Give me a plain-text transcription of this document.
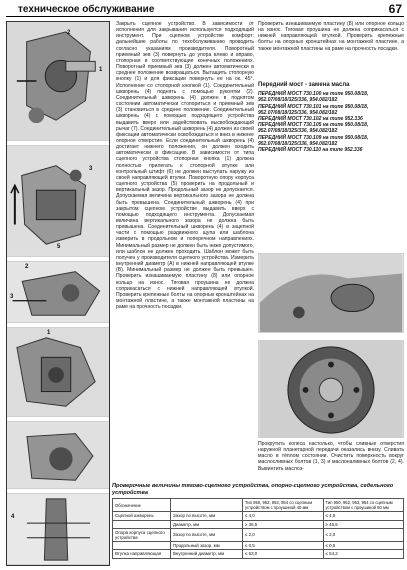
техническое обслуживание	67
2
1
3
5
2
3
1
4
Закрыть сцепное устройство. В зависимости от исполнения для закрывания используется подходящий инструмент. При сцепном устройстве комфорт: дальнейшие работы по техобслуживанию проводить согласно указаниям производителя. Поворотный приемный зев (3) повернуть до упора влево и вправо, стопорная и соответствующие конечных положениях. Поворотный приемный зев (3) должен автоматически в среднее положение возвращаться. Вытащить стопорную кнопку (1) и для фиксации повернуть ее на ок. 45°. Исполнение со стопорной кнопкой (1). Соединительный шкворень (4) поднять с помощью рукоятки (2). Соединительный шкворень (4) должен в поднятом состоянии автоматически стопориться и приемный зев (3) становиться в среднее положение. Соединительный шкворень (4) с помощью подходящего устройства выдавить вверх или задействовать высвобождающий рычаг (7). Соединительный шкворень (4) должен из своей фиксации автоматически освобождаться и вниз в нижнее опорное отверстие. Если соединительный шкворень (4) достигает нижнего положения, он должен входить автоматически в фиксацию. В зависимости от типа сцепного устройства стопорная кнопка (1) должна полностью прилегать к стопорной втулке или контрольный штифт (6) не должен выступать наружу из своей направляющей втулки. Поворотную опору корпуса сцепного устройства (5) проверить на продольный и вертикальный зазор. Продольный зазор не допускается. Допускаемая величина вертикального зазора не должна быть превышена. Соединительный шкворень (4) при закрытом сцепном устройстве выдавить вверх с помощью подходящего инструмента. Допускаемая величина вертикального зазора не должна быть превышена. Соединительный шкворень (4) в зацепной части с помощью раздвижного щупа или шаблона измерить в продольном и поперечном направлениях. Минимальный размер не должен быть ниже допустимого, или шаблон не должен проходить. Шаблон может быть получен у производителя сцепного устройства. Измерить внутренний диаметр (А) в нижней направляющей втулке (В). Минимальный размер не должен быть превышен. Проверить изнашиваемую пластину (8) или опорное кольцо на износ. Тяговая проушина не должна соприкасаться с нижней направляющей втулкой. Проверить крепежные болты на опорных кронштейнах на монтажной пластине, а также монтажной пластины на раме на прочность посадки.

Проверить изнашиваемую пластину (8) или опорное кольцо на износ. Тяговая проушина не должна соприкасаться с нижней направляющей втулкой. Проверить крепежные болты на опорных кронштейнах на монтажной пластине, а также монтажной пластины на раме на прочность посадки.

Передний мост - замена масла
ПЕРЕДНИЙ МОСТ 730.100 на типе 950.08/18, 952.07/08/18/325/336, 954.082/182
ПЕРЕДНИЙ МОСТ 730.101 на типе 950.08/18, 952.07/08/18/325/336, 954.082/182
ПЕРЕДНИЙ МОСТ 730.102 на типе 952.336
ПЕРЕДНИЙ МОСТ 730.105 на типе 950.08/18, 952.07/08/18/325/336, 954.082/182
ПЕРЕДНИЙ МОСТ 730.109 на типе 950.08/18, 952.07/08/18/325/336, 954.082/182
ПЕРЕДНИЙ МОСТ 730.110 на типе 952.336
Прокрутить колеса настолько, чтобы сливные отверстия наружной планетарной передачи оказались внизу. Сливать масло в тёплом состоянии. Очистить поверхность вокруг маслосливных болтов (1, 3) и маслоналивных болтов (2, 4). Вывинтить маслоз-
Проверочные величины тягово-сцепного устройства, опорно-сцепного устройства, седельного устройства
Обозначение		Тип 950, 952, 953, 954 со сцепным устройством с проушиной 40 мм	Тип 950, 952, 953, 954 со сцепным устройством с проушиной 50 мм
Сцепной шкворень	Зазор по высоте, мм	≤ 4,0	≤ 4,0
	Диаметр, мм	≥ 36,5	≥ 46,5
Опора корпуса сцепного устройства	Зазор по высоте, мм	≤ 2,0	≤ 2,0
	Продольный зазор, мм	≤ 0,5	≤ 0,5
Втулка направляющая	Внутренний диаметр, мм	≤ 53,0	≤ 54,2
